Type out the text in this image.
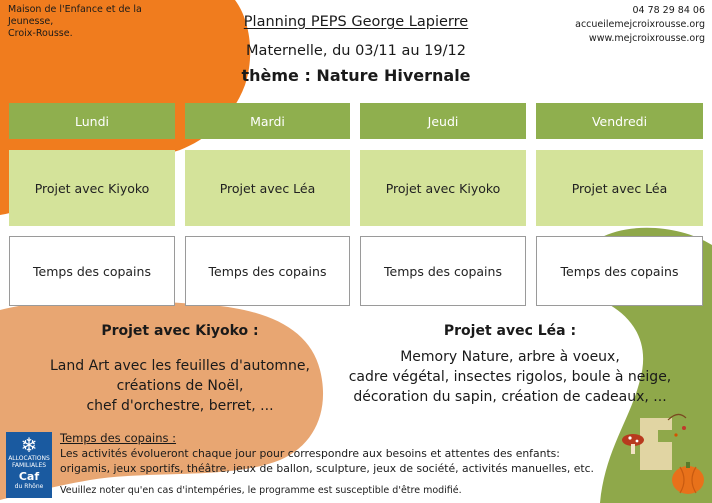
Maison de l'Enfance et de la Jeunesse,
Croix-Rousse.
04 78 29 84 06
accueilemejcroixrousse.org
www.mejcroixrousse.org
Planning PEPS George Lapierre
Maternelle, du 03/11 au 19/12
thème : Nature Hivernale
Lundi	Mardi	Jeudi	Vendredi
Projet avec Kiyoko	Projet avec Léa	Projet avec Kiyoko	Projet avec Léa
Temps des copains	Temps des copains	Temps des copains	Temps des copains
Projet avec Kiyoko :
Land Art avec les feuilles d'automne,
créations de Noël,
chef d'orchestre, berret, ...
Projet avec Léa :
Memory Nature, arbre à voeux,
cadre végétal, insectes rigolos, boule à neige,
décoration du sapin, création de cadeaux, ...
❄
ALLOCATIONS
FAMILIALES
Caf
du Rhône
Temps des copains :
Les activités évolueront chaque jour pour correspondre aux besoins et attentes des enfants:
origamis, jeux sportifs, théâtre, jeux de ballon, sculpture, jeux de société, activités manuelles, etc.
Veuillez noter qu'en cas d'intempéries, le programme est susceptible d'être modifié.
